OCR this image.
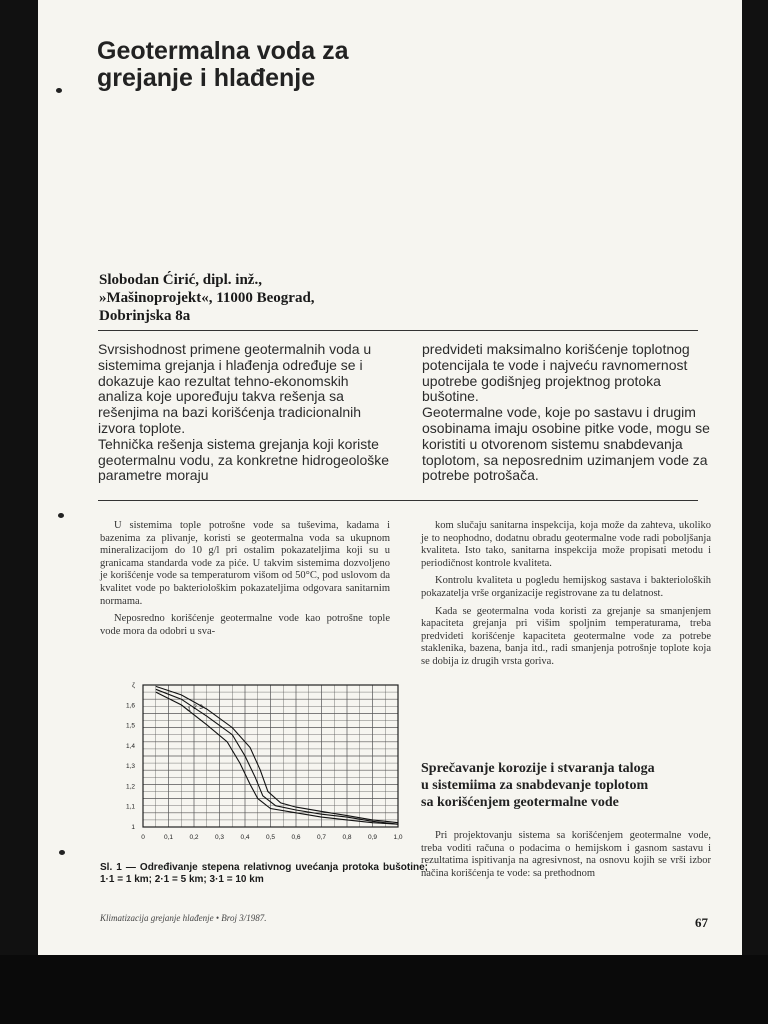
Geotermalna voda za
grejanje i hlađenje
Slobodan Ćirić, dipl. inž.,
»Mašinoprojekt«, 11000 Beograd,
Dobrinjska 8a

Svrsishodnost primene geotermalnih voda u sistemima grejanja i hlađenja određuje se i dokazuje kao rezultat tehno-ekonomskih analiza koje upoređuju takva rešenja sa rešenjima na bazi korišćenja tradicionalnih izvora toplote.

Tehnička rešenja sistema grejanja koji koriste geotermalnu vodu, za konkretne hidrogeološke parametre moraju

predvideti maksimalno korišćenje toplotnog potencijala te vode i najveću ravnomernost upotrebe godišnjeg projektnog protoka bušotine.

Geotermalne vode, koje po sastavu i drugim osobinama imaju osobine pitke vode, mogu se koristiti u otvorenom sistemu snabdevanja toplotom, sa neposrednim uzimanjem vode za potrebe potrošača.

U sistemima tople potrošne vode sa tuševima, kadama i bazenima za plivanje, koristi se geotermalna voda sa ukupnom mineralizacijom do 10 g/l pri ostalim pokazateljima koji su u granicama standarda vode za piće. U takvim sistemima dozvoljeno je korišćenje vode sa temperaturom višom od 50°C, pod uslovom da kvalitet vode po bakteriološkim pokazateljima odgovara sanitarnim normama.

Neposredno korišćenje geotermalne vode kao potrošne tople vode mora da odobri u sva-

0	0,1	0,2	0,3	0,4	0,5	0,6	0,7	0,8	0,9	1,0
1
1,1
1,2
1,3
1,4
1,5
1,6
ζ
1 2 3
Sl. 1 — Određivanje stepena relativnog uvećanja protoka bušotine; 1·1 = 1 km; 2·1 = 5 km; 3·1 = 10 km

kom slučaju sanitarna inspekcija, koja može da zahteva, ukoliko je to neophodno, dodatnu obradu geotermalne vode radi poboljšanja kvaliteta. Isto tako, sanitarna inspekcija može propisati metodu i periodičnost kontrole kvaliteta.

Kontrolu kvaliteta u pogledu hemijskog sastava i bakterioloških pokazatelja vrše organizacije registrovane za tu delatnost.

Kada se geotermalna voda koristi za grejanje sa smanjenjem kapaciteta grejanja pri višim spoljnim temperaturama, treba predvideti korišćenje kapaciteta geotermalne vode za potrebe staklenika, bazena, banja itd., radi smanjenja potrošnje toplote koja se dobija iz drugih vrsta goriva.

Sprečavanje korozije i stvaranja taloga u sistemiima za snabdevanje toplotom sa korišćenjem geotermalne vode

Pri projektovanju sistema sa korišćenjem geotermalne vode, treba voditi računa o podacima o hemijskom i gasnom sastavu i rezultatima ispitivanja na agresivnost, na osnovu kojih se vrši izbor načina korišćenja te vode: sa prethodnom

Klimatizacija grejanje hlađenje • Broj 3/1987.	67
